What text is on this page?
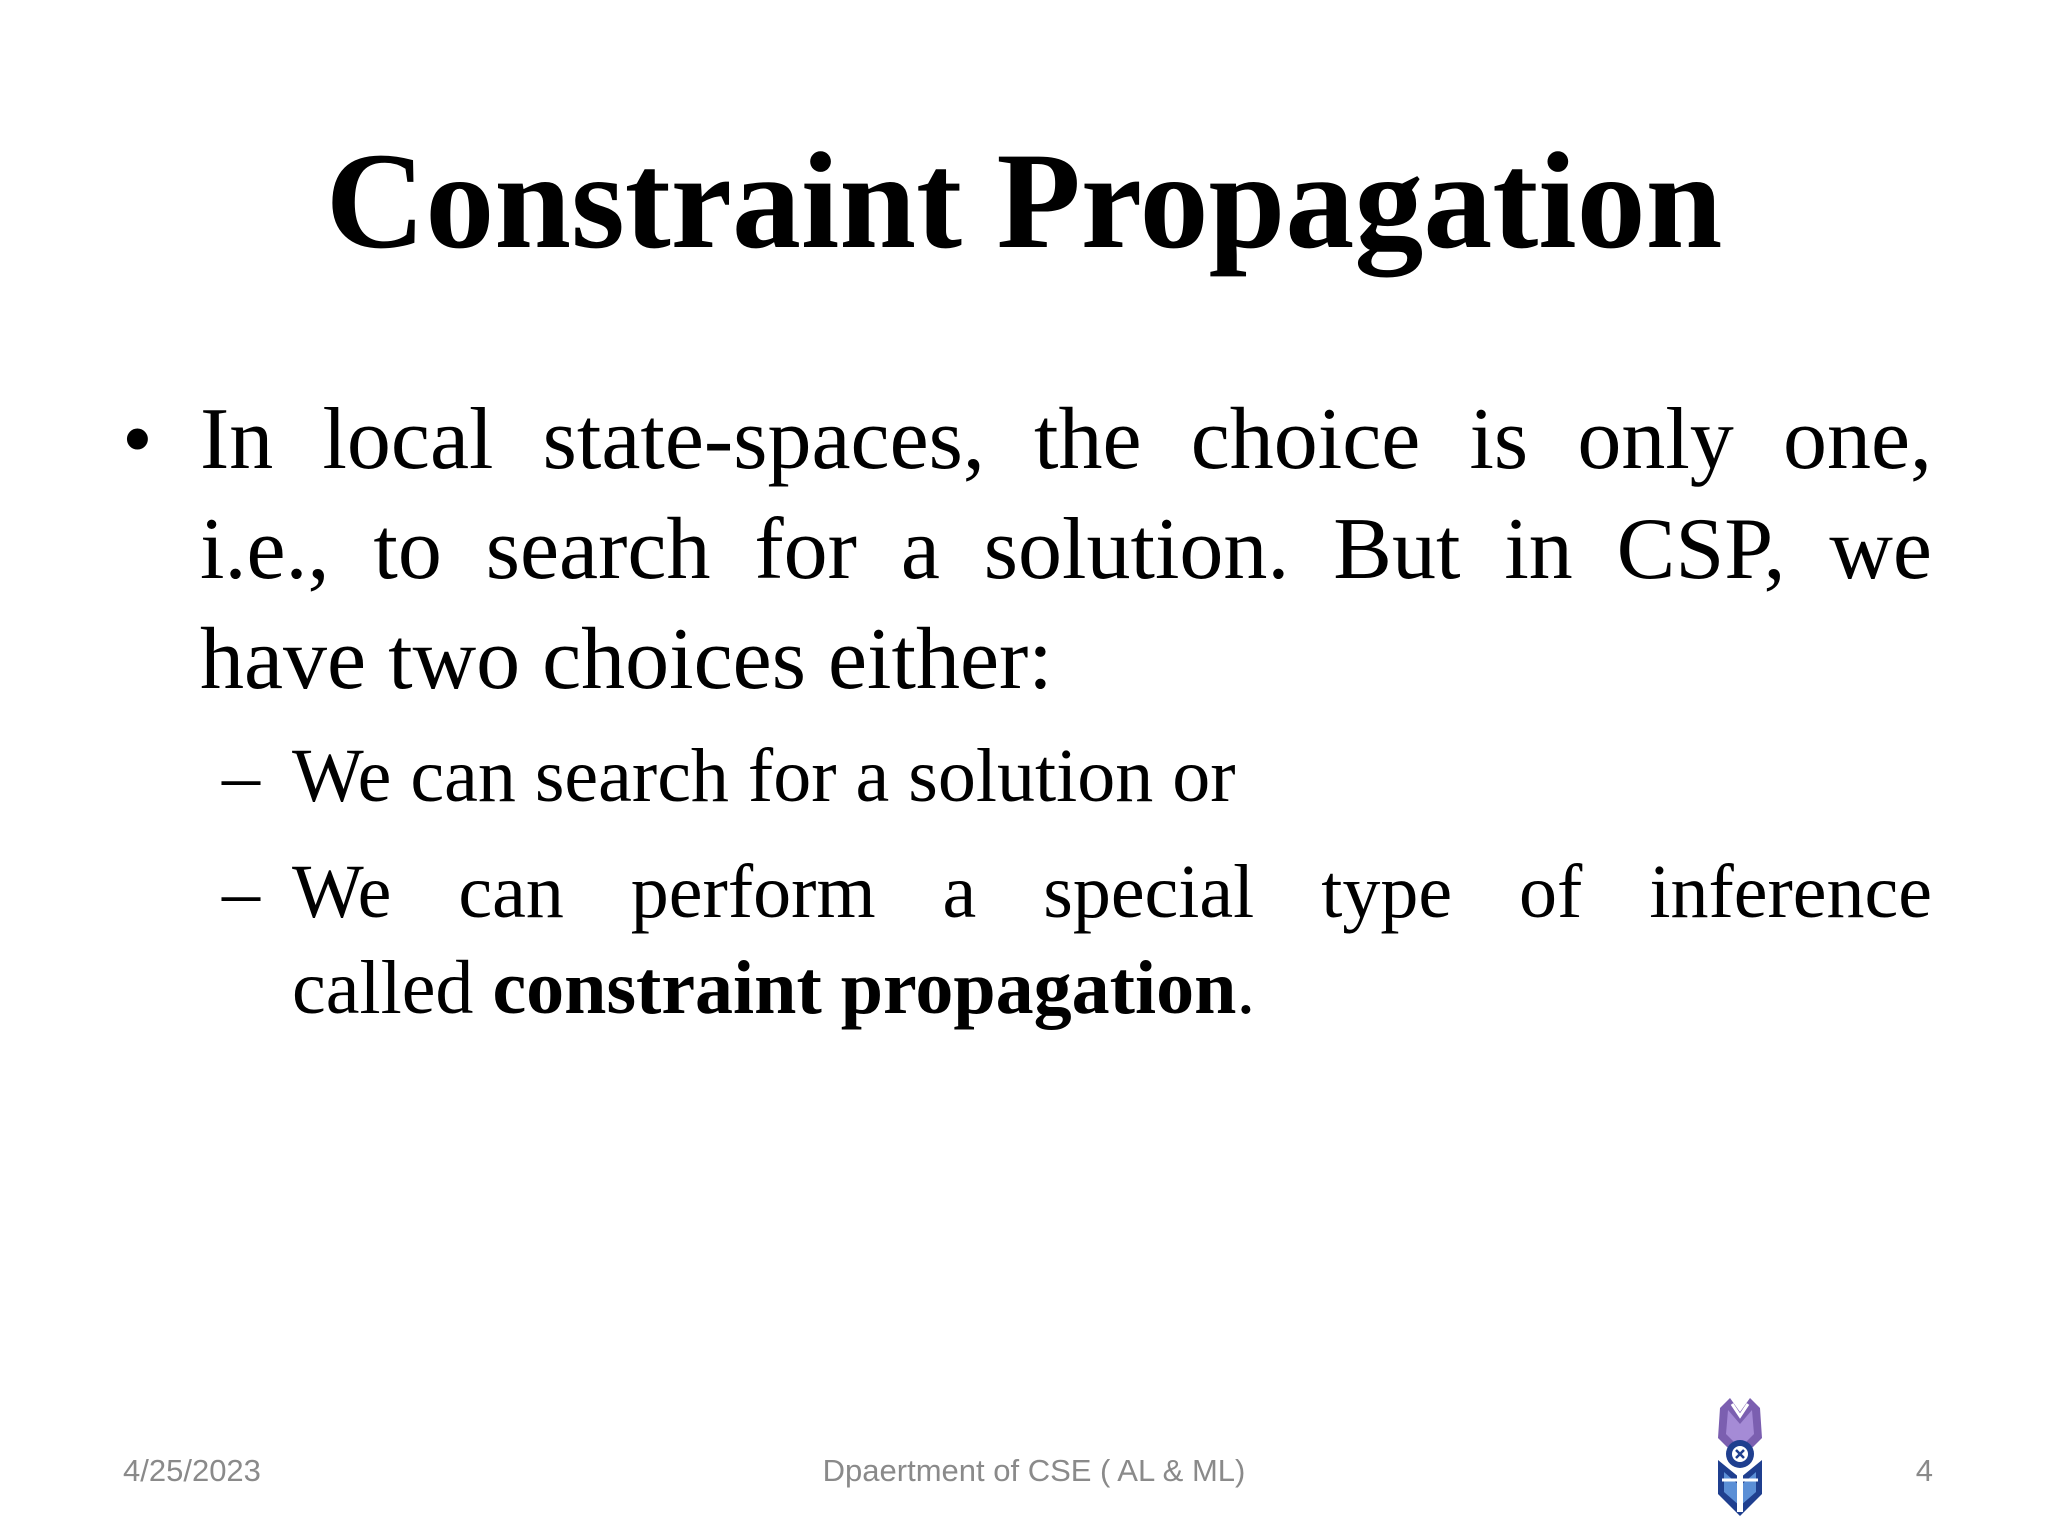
Constraint Propagation
• In local state-spaces, the choice is only one,
i.e., to search for a solution. But in CSP, we
have two choices either:
– We can search for a solution or
– We can perform a special type of inference
called constraint propagation.
4/25/2023	Dpaertment of CSE ( AL & ML)	4
